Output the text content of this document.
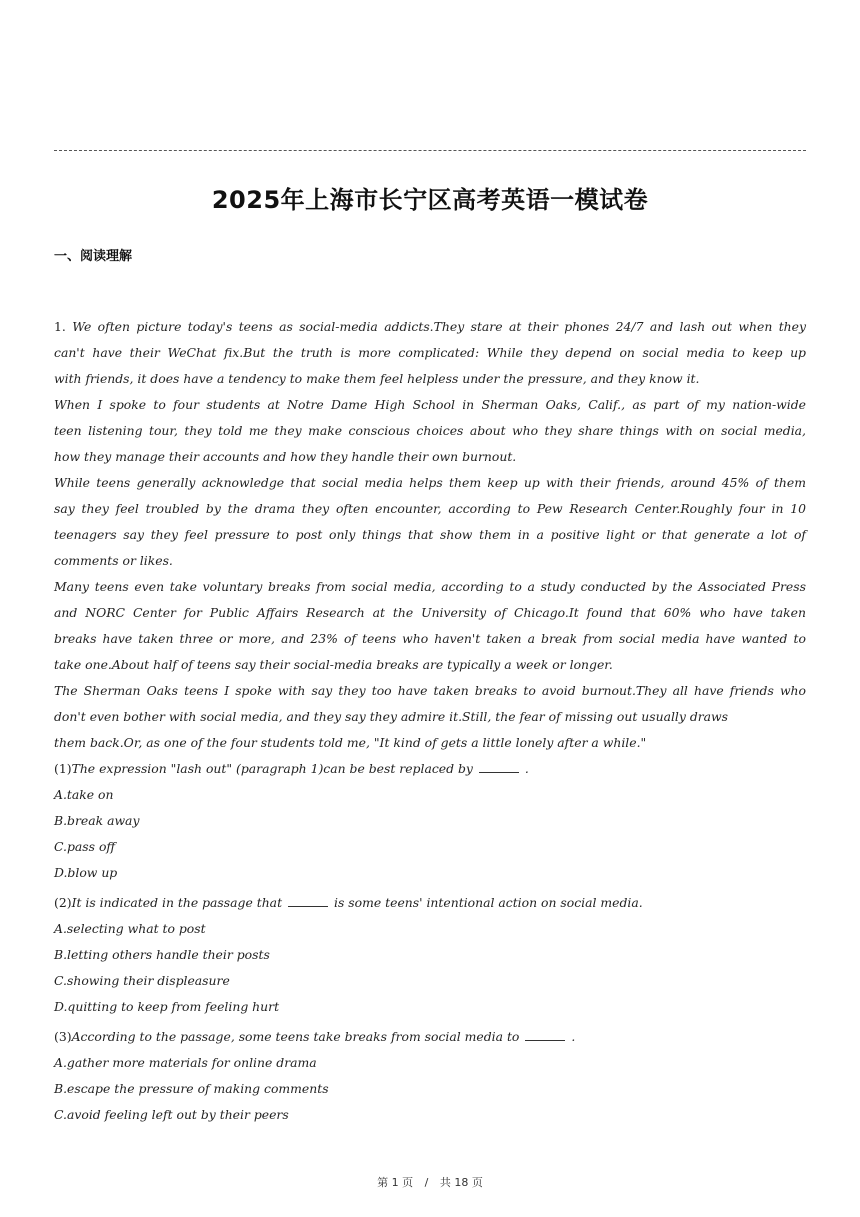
2025年上海市长宁区高考英语一模试卷
一、阅读理解
1. We often picture today's teens as social-media addicts.They stare at their phones 24/7 and lash out when they
can't have their WeChat fix.But the truth is more complicated: While they depend on social media to keep up
with friends, it does have a tendency to make them feel helpless under the pressure, and they know it.
When I spoke to four students at Notre Dame High School in Sherman Oaks, Calif., as part of my nation-wide
teen listening tour, they told me they make conscious choices about who they share things with on social media,
how they manage their accounts and how they handle their own burnout.
While teens generally acknowledge that social media helps them keep up with their friends, around 45% of them
say they feel troubled by the drama they often encounter, according to Pew Research Center.Roughly four in 10
teenagers say they feel pressure to post only things that show them in a positive light or that generate a lot of
comments or likes.
Many teens even take voluntary breaks from social media, according to a study conducted by the Associated Press
and NORC Center for Public Affairs Research at the University of Chicago.It found that 60% who have taken
breaks have taken three or more, and 23% of teens who haven't taken a break from social media have wanted to
take one.About half of teens say their social-media breaks are typically a week or longer.
The Sherman Oaks teens I spoke with say they too have taken breaks to avoid burnout.They all have friends who
don't even bother with social media, and they say they admire it.Still, the fear of missing out usually draws
them back.Or, as one of the four students told me, "It kind of gets a little lonely after a while."
(1)The expression "lash out" (paragraph 1)can be best replaced by	.
A.take on
B.break away
C.pass off
D.blow up
(2)It is indicated in the passage that	is some teens' intentional action on social media.
A.selecting what to post
B.letting others handle their posts
C.showing their displeasure
D.quitting to keep from feeling hurt
(3)According to the passage, some teens take breaks from social media to	.
A.gather more materials for online drama
B.escape the pressure of making comments
C.avoid feeling left out by their peers
第 1 页 / 共 18 页
